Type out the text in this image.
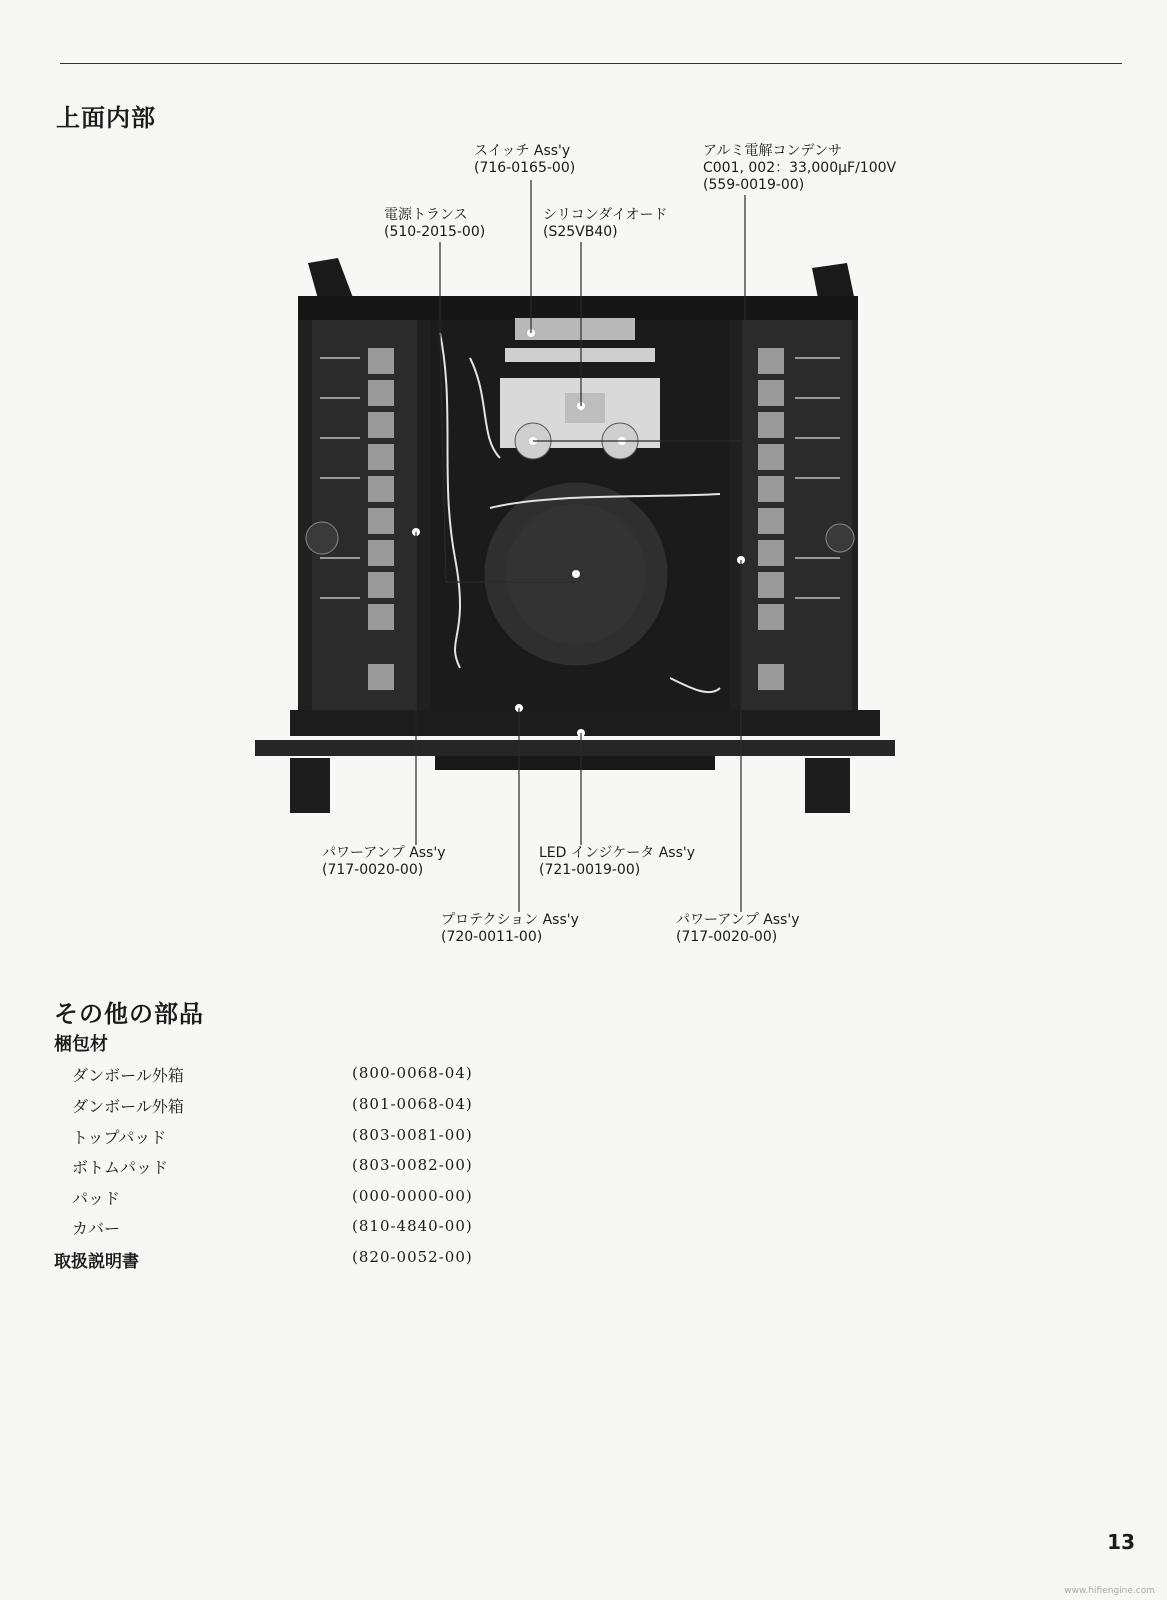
上面内部
スイッチ Ass'y
(716-0165-00)
アルミ電解コンデンサ
C001, 002：33,000μF/100V
(559-0019-00)
電源トランス
(510-2015-00)
シリコンダイオード
(S25VB40)
パワーアンプ Ass'y
(717-0020-00)
LED インジケータ Ass'y
(721-0019-00)
プロテクション Ass'y
(720-0011-00)
パワーアンプ Ass'y
(717-0020-00)
その他の部品
梱包材
ダンボール外箱	(800-0068-04)
ダンボール外箱	(801-0068-04)
トップパッド	(803-0081-00)
ボトムパッド	(803-0082-00)
パッド	(000-0000-00)
カバー	(810-4840-00)
取扱説明書	(820-0052-00)
13
www.hifiengine.com
